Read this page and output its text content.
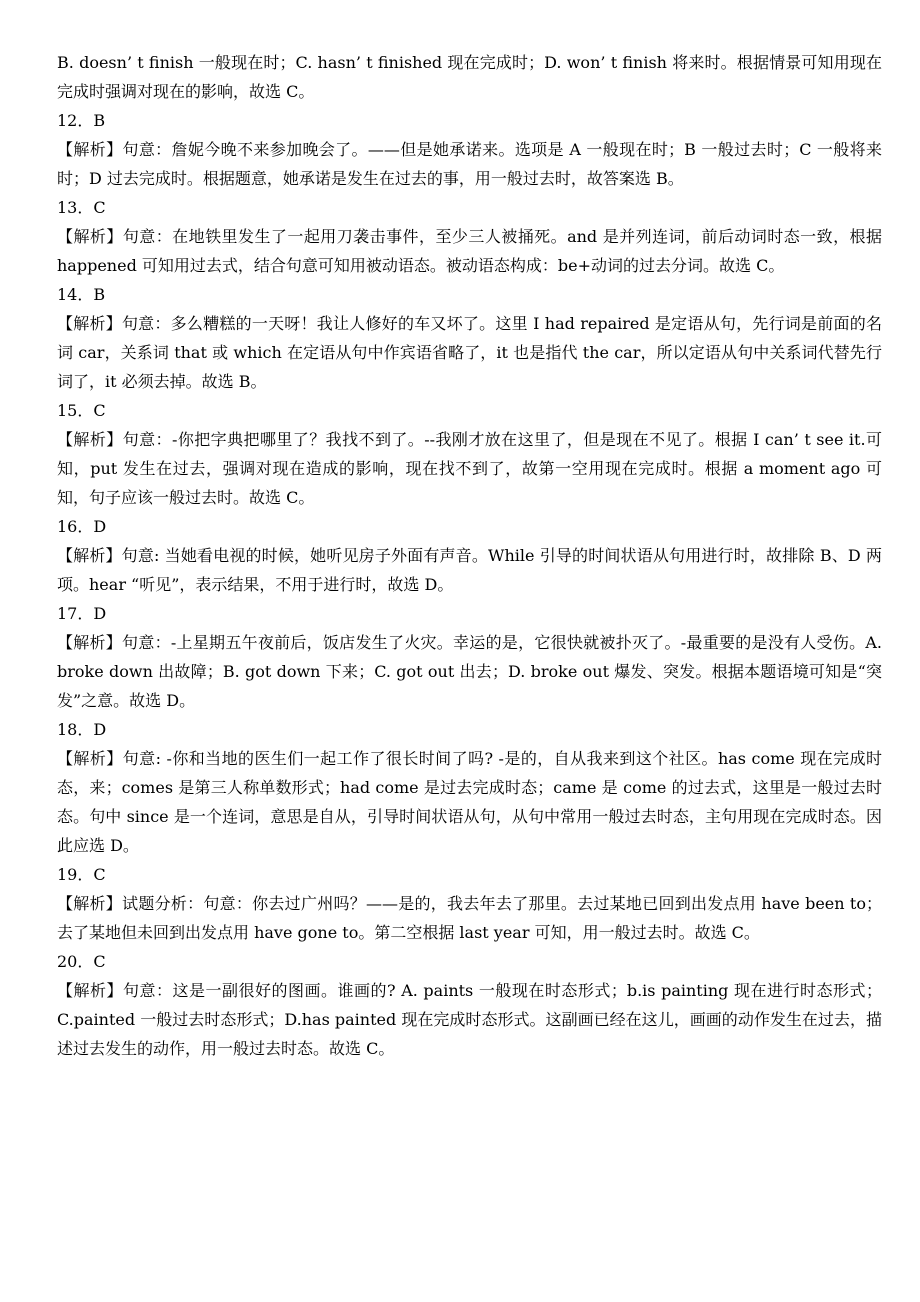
B. doesn’ t finish 一般现在时；C. hasn’ t finished 现在完成时；D. won’ t finish 将来时。根据情景可知用现在完成时强调对现在的影响，故选 C。

12．B

【解析】句意：詹妮今晚不来参加晚会了。——但是她承诺来。选项是 A 一般现在时；B 一般过去时；C 一般将来时；D 过去完成时。根据题意，她承诺是发生在过去的事，用一般过去时，故答案选 B。

13．C

【解析】句意：在地铁里发生了一起用刀袭击事件，至少三人被捅死。and 是并列连词，前后动词时态一致，根据 happened 可知用过去式，结合句意可知用被动语态。被动语态构成：be+动词的过去分词。故选 C。

14．B

【解析】句意：多么糟糕的一天呀！我让人修好的车又坏了。这里 I had repaired 是定语从句，先行词是前面的名词 car，关系词 that 或 which 在定语从句中作宾语省略了，it 也是指代 the car，所以定语从句中关系词代替先行词了，it 必须去掉。故选 B。

15．C

【解析】句意：-你把字典把哪里了？我找不到了。--我刚才放在这里了，但是现在不见了。根据 I can’ t see it.可知，put 发生在过去，强调对现在造成的影响，现在找不到了，故第一空用现在完成时。根据 a moment ago 可知，句子应该一般过去时。故选 C。

16．D

【解析】句意: 当她看电视的时候，她听见房子外面有声音。While 引导的时间状语从句用进行时，故排除 B、D 两项。hear “听见”，表示结果，不用于进行时，故选 D。

17．D

【解析】句意：-上星期五午夜前后，饭店发生了火灾。幸运的是，它很快就被扑灭了。-最重要的是没有人受伤。A. broke down 出故障；B. got down 下来；C. got out 出去；D. broke out 爆发、突发。根据本题语境可知是“突发”之意。故选 D。

18．D

【解析】句意: -你和当地的医生们一起工作了很长时间了吗? -是的，自从我来到这个社区。has come 现在完成时态，来；comes 是第三人称单数形式；had come 是过去完成时态；came 是 come 的过去式，这里是一般过去时态。句中 since 是一个连词，意思是自从，引导时间状语从句，从句中常用一般过去时态，主句用现在完成时态。因此应选 D。

19．C

【解析】试题分析：句意：你去过广州吗？——是的，我去年去了那里。去过某地已回到出发点用 have been to；去了某地但未回到出发点用 have gone to。第二空根据 last year 可知，用一般过去时。故选 C。

20．C

【解析】句意：这是一副很好的图画。谁画的? A. paints 一般现在时态形式；b.is painting 现在进行时态形式；C.painted 一般过去时态形式；D.has painted 现在完成时态形式。这副画已经在这儿，画画的动作发生在过去，描述过去发生的动作，用一般过去时态。故选 C。
